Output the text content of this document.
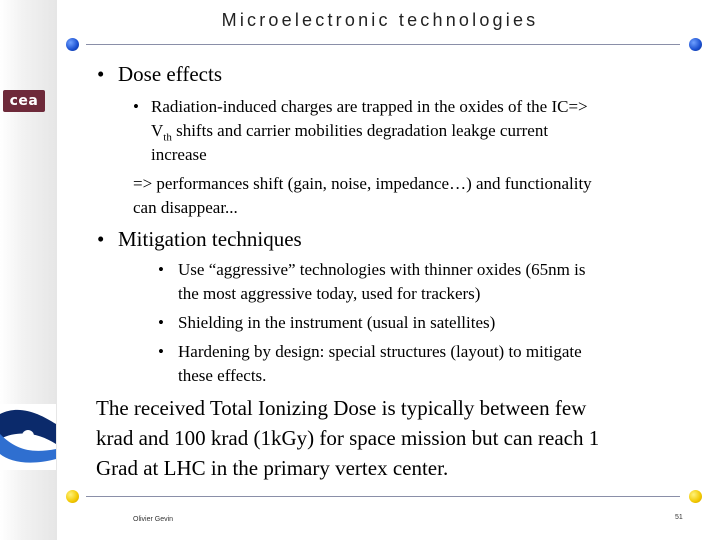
Microelectronic technologies
cea
• Dose effects
• Radiation-induced charges are trapped in the oxides of the IC=>
$V_{th}$ shifts and carrier mobilities degradation leakge current
increase
=> performances shift (gain, noise, impedance…) and functionality
can disappear...
• Mitigation techniques
• Use “aggressive” technologies with thinner oxides (65nm is
the most aggressive today, used for trackers)
• Shielding in the instrument (usual in satellites)
• Hardening by design: special structures (layout) to mitigate
these effects.
The received Total Ionizing Dose is typically between few
krad and 100 krad (1kGy) for space mission but can reach 1
Grad at LHC in the primary vertex center.
Olivier Gevin	51
